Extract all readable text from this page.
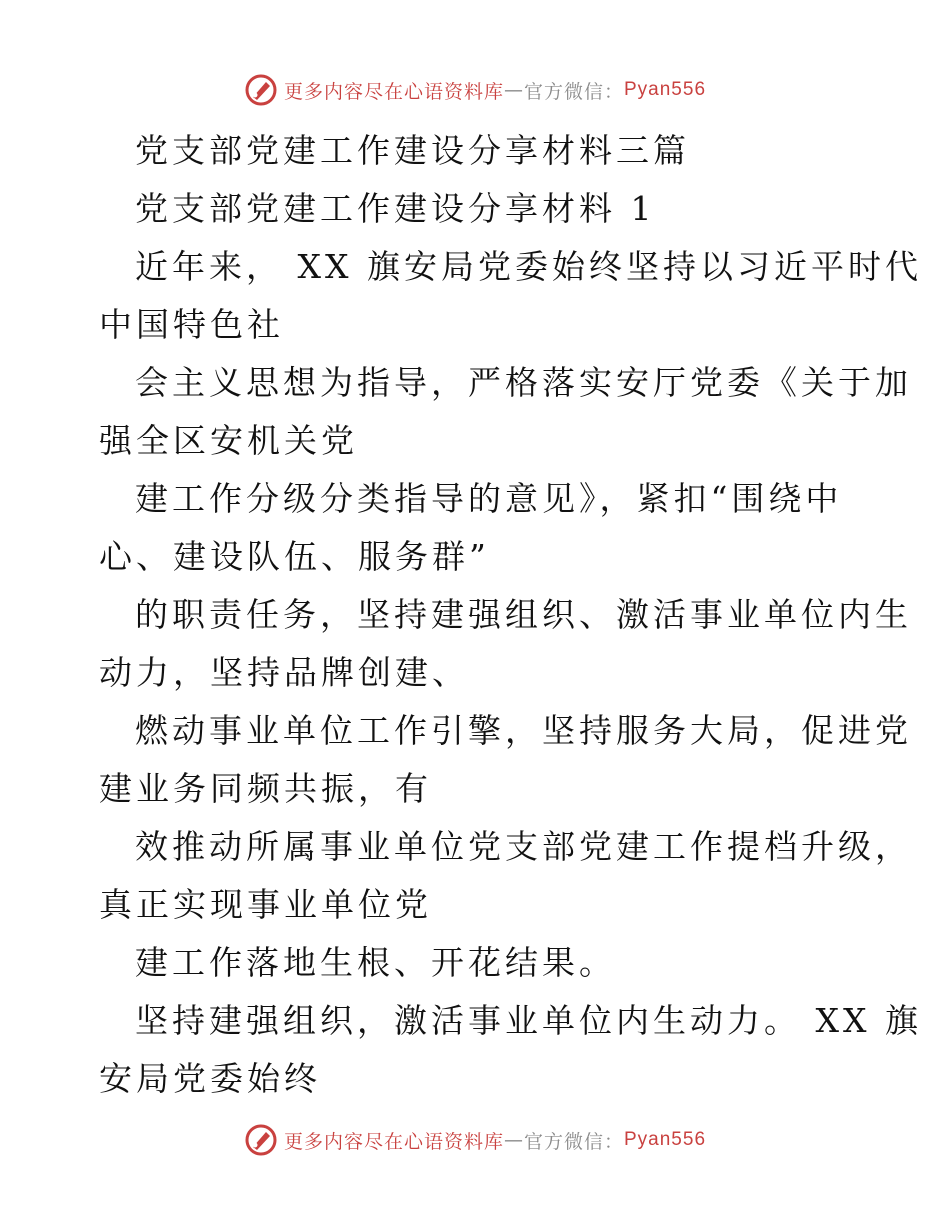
更多内容尽在心语资料库 — 官方微信： Pyan556
党支部党建工作建设分享材料三篇
党支部党建工作建设分享材料 1
近年来， XX 旗安局党委始终坚持以习近平时代
中国特色社
会主义思想为指导，严格落实安厅党委《关于加
强全区安机关党
建工作分级分类指导的意见》，紧扣“围绕中
心、建设队伍、服务群”
的职责任务，坚持建强组织、激活事业单位内生
动力，坚持品牌创建、
燃动事业单位工作引擎，坚持服务大局，促进党
建业务同频共振，有
效推动所属事业单位党支部党建工作提档升级，
真正实现事业单位党
建工作落地生根、开花结果。
坚持建强组织，激活事业单位内生动力。 XX 旗
安局党委始终
更多内容尽在心语资料库 — 官方微信： Pyan556
